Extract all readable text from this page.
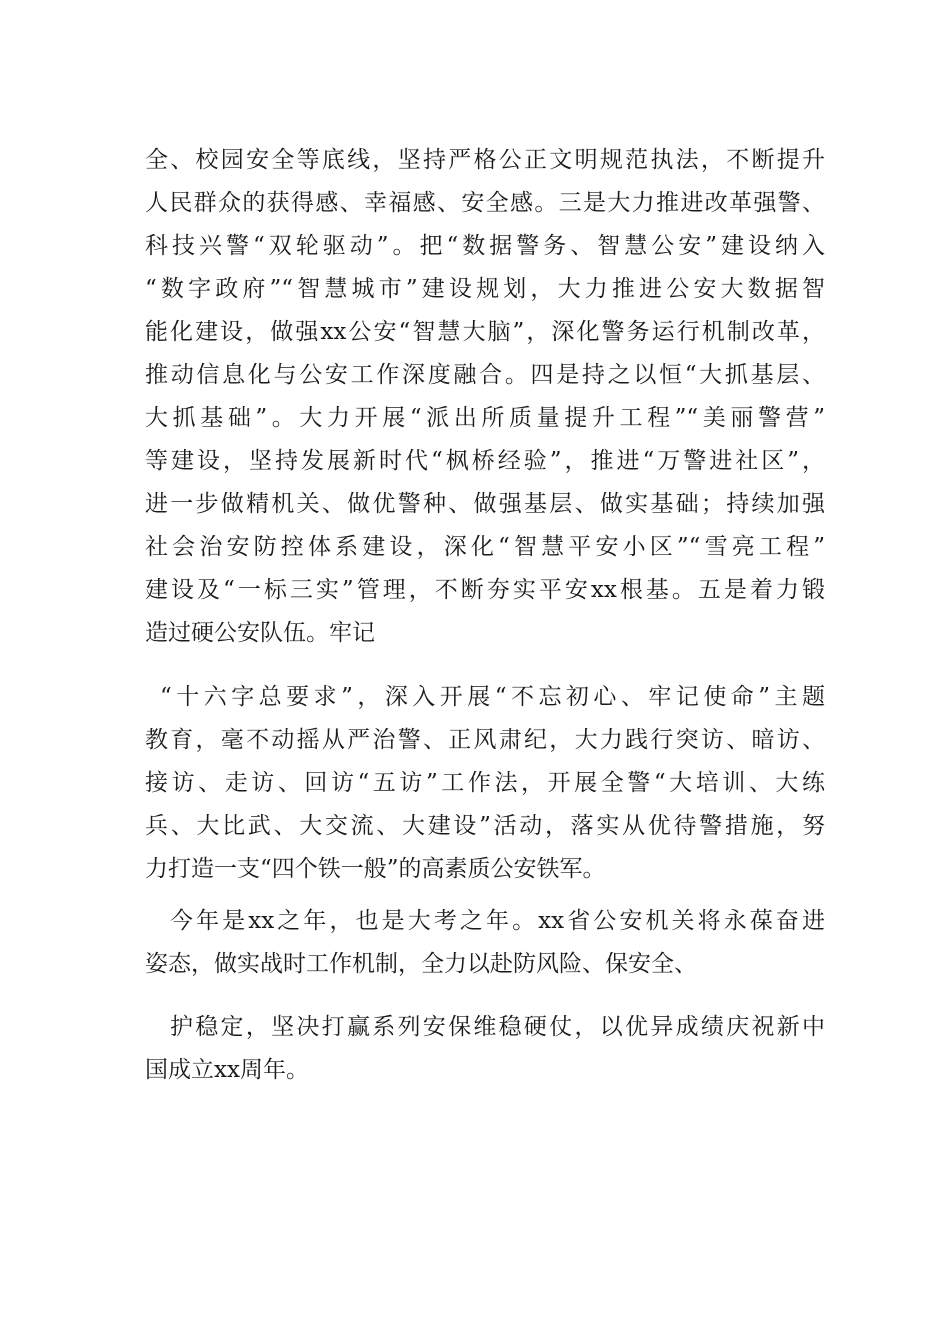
全、校园安全等底线，坚持严格公正文明规范执法，不断提升
人民群众的获得感、幸福感、安全感。三是大力推进改革强警、
科技兴警“双轮驱动”。把“数据警务、智慧公安”建设纳入
“数字政府”“智慧城市”建设规划，大力推进公安大数据智
能化建设，做强xx公安“智慧大脑”，深化警务运行机制改革，
推动信息化与公安工作深度融合。四是持之以恒“大抓基层、
大抓基础”。大力开展“派出所质量提升工程”“美丽警营”
等建设，坚持发展新时代“枫桥经验”，推进“万警进社区”，
进一步做精机关、做优警种、做强基层、做实基础；持续加强
社会治安防控体系建设，深化“智慧平安小区”“雪亮工程”
建设及“一标三实”管理，不断夯实平安xx根基。五是着力锻
造过硬公安队伍。牢记
“十六字总要求”，深入开展“不忘初心、牢记使命”主题
教育，毫不动摇从严治警、正风肃纪，大力践行突访、暗访、
接访、走访、回访“五访”工作法，开展全警“大培训、大练
兵、大比武、大交流、大建设”活动，落实从优待警措施，努
力打造一支“四个铁一般”的高素质公安铁军。
今年是xx之年，也是大考之年。xx省公安机关将永葆奋进
姿态，做实战时工作机制，全力以赴防风险、保安全、
护稳定，坚决打赢系列安保维稳硬仗，以优异成绩庆祝新中
国成立xx周年。
